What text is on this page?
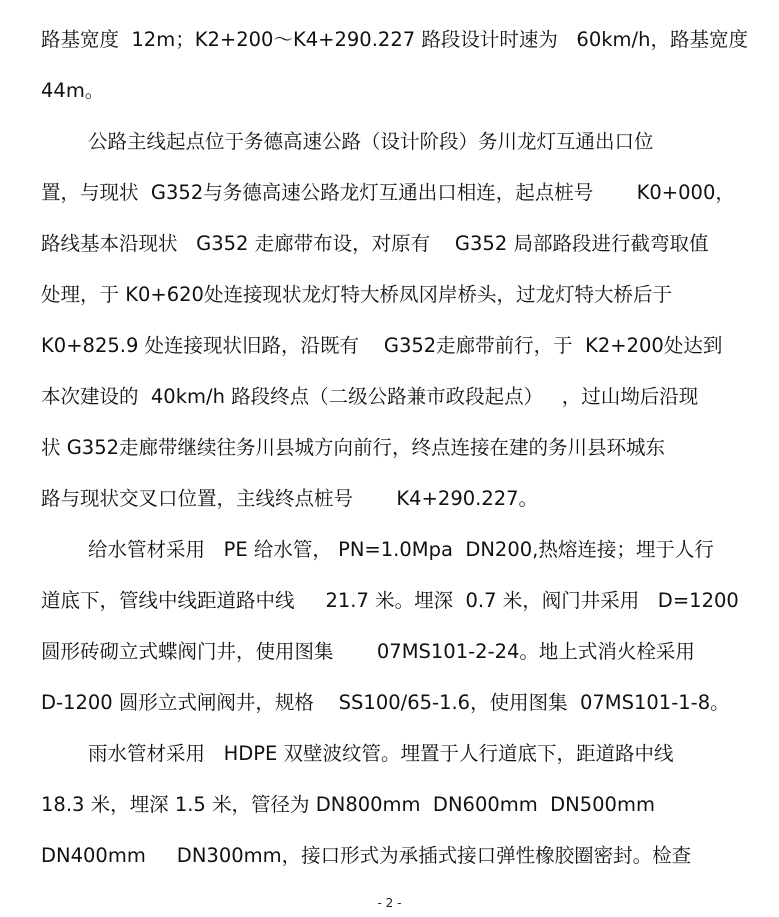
路基宽度  12m；K2+200～K4+290.227 路段设计时速为   60km/h，路基宽度
44m。
公路主线起点位于务德高速公路（设计阶段）务川龙灯互通出口位
置，与现状  G352与务德高速公路龙灯互通出口相连，起点桩号       K0+000，
路线基本沿现状   G352 走廊带布设，对原有    G352 局部路段进行截弯取值
处理，于 K0+620处连接现状龙灯特大桥凤冈岸桥头，过龙灯特大桥后于
K0+825.9 处连接现状旧路，沿既有    G352走廊带前行，于  K2+200处达到
本次建设的  40km/h 路段终点（二级公路兼市政段起点）   ，过山坳后沿现
状 G352走廊带继续往务川县城方向前行，终点连接在建的务川县环城东
路与现状交叉口位置，主线终点桩号       K4+290.227。
给水管材采用   PE 给水管， PN=1.0Mpa  DN200,热熔连接；埋于人行
道底下，管线中线距道路中线     21.7 米。埋深  0.7 米，阀门井采用   D=1200
圆形砖砌立式蝶阀门井，使用图集       07MS101-2-24。地上式消火栓采用
D-1200 圆形立式闸阀井，规格    SS100/65-1.6，使用图集  07MS101-1-8。
雨水管材采用   HDPE 双壁波纹管。埋置于人行道底下，距道路中线
18.3 米，埋深 1.5 米，管径为 DN800mm  DN600mm  DN500mm
DN400mm     DN300mm，接口形式为承插式接口弹性橡胶圈密封。检查
- 2 -
